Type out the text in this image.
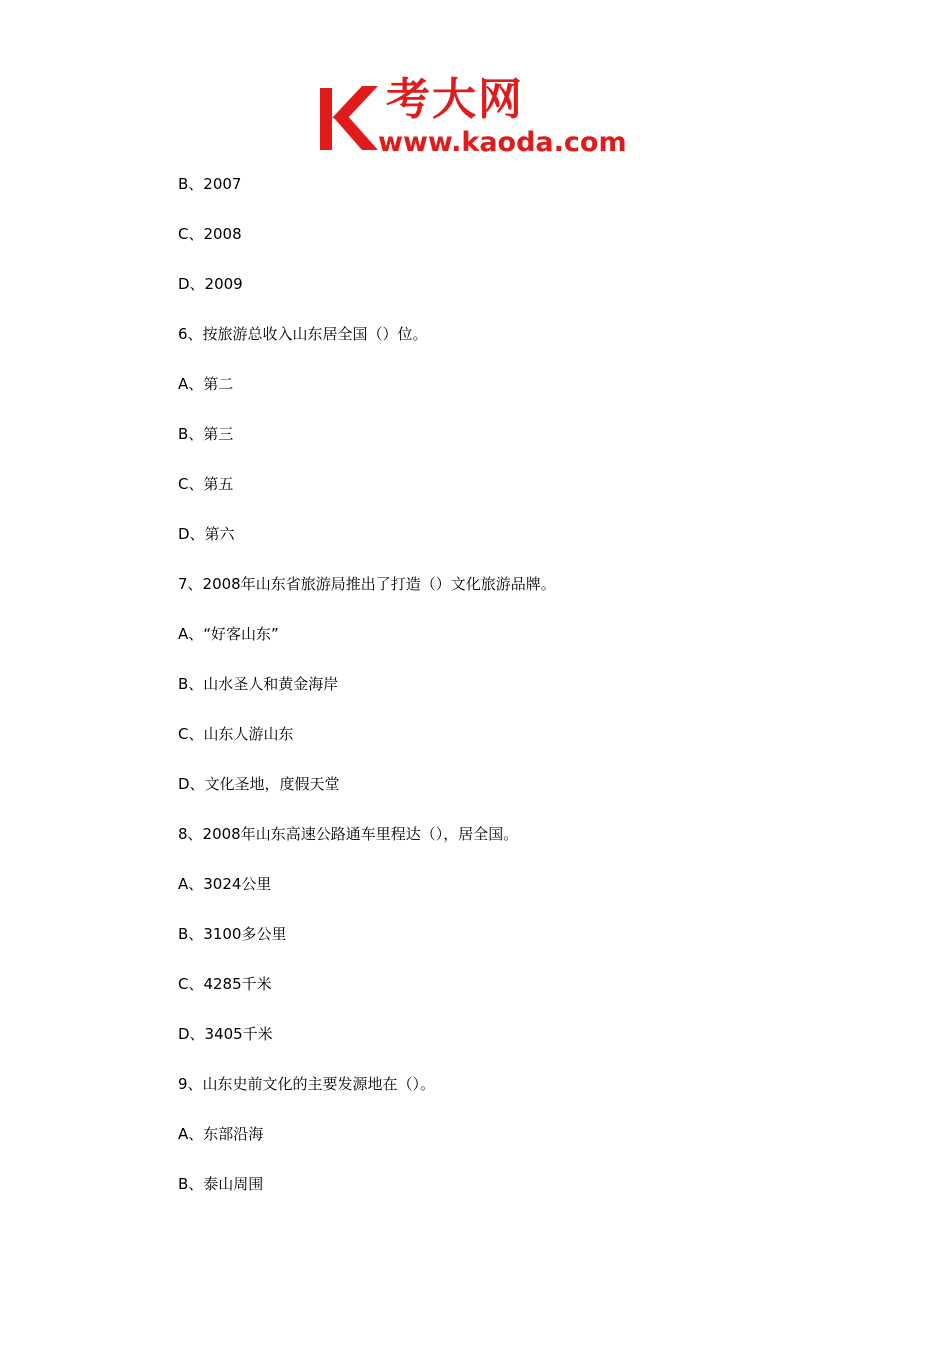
考大网
www.kaoda.com
B、2007
C、2008
D、2009
6、按旅游总收入山东居全国（）位。
A、第二
B、第三
C、第五
D、第六
7、2008年山东省旅游局推出了打造（）文化旅游品牌。
A、“好客山东”
B、山水圣人和黄金海岸
C、山东人游山东
D、文化圣地，度假天堂
8、2008年山东高速公路通车里程达（），居全国。
A、3024公里
B、3100多公里
C、4285千米
D、3405千米
9、山东史前文化的主要发源地在（）。
A、东部沿海
B、泰山周围
